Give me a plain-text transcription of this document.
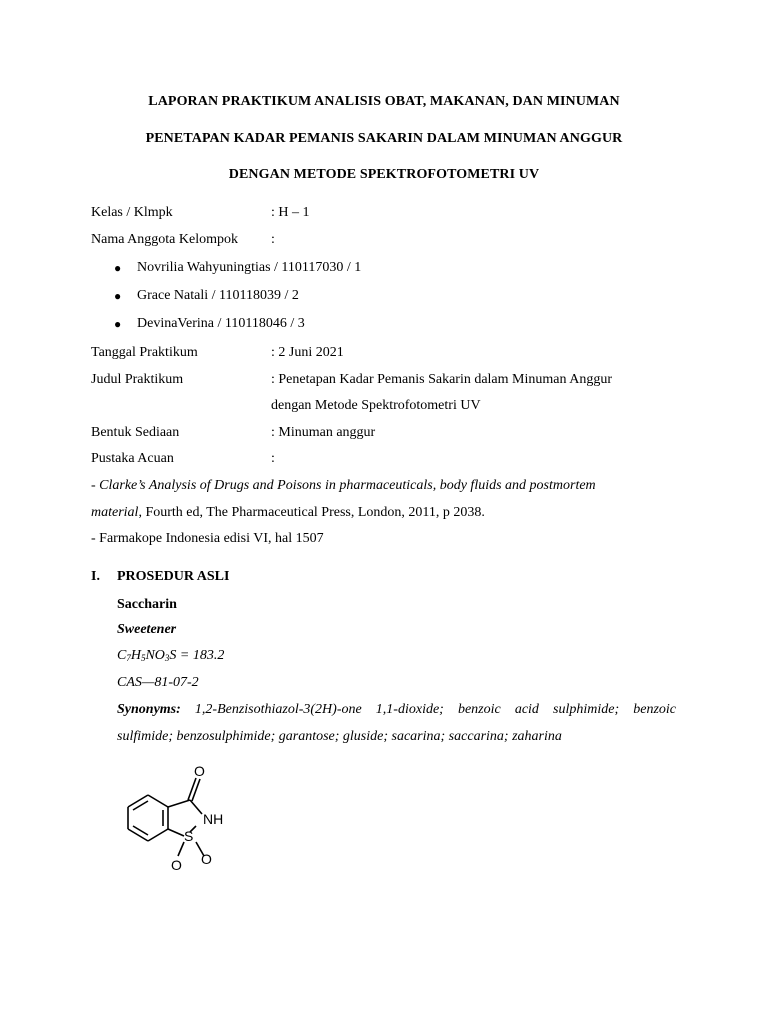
LAPORAN PRAKTIKUM ANALISIS OBAT, MAKANAN, DAN MINUMAN
PENETAPAN KADAR PEMANIS SAKARIN DALAM MINUMAN ANGGUR
DENGAN METODE SPEKTROFOTOMETRI UV
Kelas / Klmpk	: H – 1
Nama Anggota Kelompok :
● Novrilia Wahyuningtias / 110117030 / 1
● Grace Natali / 110118039 / 2
● DevinaVerina / 110118046 / 3
Tanggal Praktikum	: 2 Juni 2021
Judul Praktikum	: Penetapan Kadar Pemanis Sakarin dalam Minuman Anggur
dengan Metode Spektrofotometri UV
Bentuk Sediaan	: Minuman anggur
Pustaka Acuan	:
- Clarke’s Analysis of Drugs and Poisons in pharmaceuticals, body fluids and postmortem
material, Fourth ed, The Pharmaceutical Press, London, 2011, p 2038.
- Farmakope Indonesia edisi VI, hal 1507
I. PROSEDUR ASLI
Saccharin
Sweetener
$C_7H_5NO_3S = 183.2$
CAS—81-07-2
Synonyms: 1,2-Benzisothiazol-3(2H)-one 1,1-dioxide; benzoic acid sulphimide; benzoic
sulfimide; benzosulphimide; garantose; gluside; sacarina; saccarina; zaharina
O
NH
S
O O
